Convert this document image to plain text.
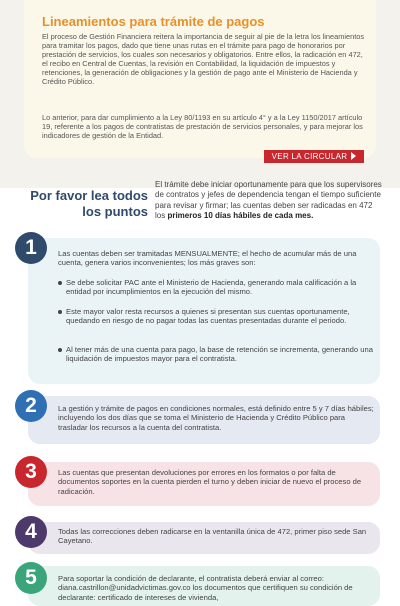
Lineamientos para trámite de pagos

El proceso de Gestión Financiera reitera la importancia de seguir al pie de la letra los lineamientos para tramitar los pagos, dado que tiene unas rutas en el trámite para pago de honorarios por prestación de servicios, los cuales son necesarios y obligatorios. Entre ellos, la radicación en 472, el recibo en Central de Cuentas, la revisión en Contabilidad, la liquidación de impuestos y retenciones, la generación de obligaciones y la gestión de pago ante el Ministerio de Hacienda y Crédito Público.

Lo anterior, para dar cumplimiento a la Ley 80/1193 en su artículo 4° y a la Ley 1150/2017 artículo 19, referente a los pagos de contratistas de prestación de servicios personales, y para mejorar los indicadores de gestión de la Entidad.

VER LA CIRCULAR
Por favor lea todos los puntos

El trámite debe iniciar oportunamente para que los supervisores de contratos y jefes de dependencia tengan el tiempo suficiente para revisar y firmar; las cuentas deben ser radicadas en 472 los primeros 10 días hábiles de cada mes.

1	Las cuentas deben ser tramitadas MENSUALMENTE; el hecho de acumular más de una cuenta, genera varios inconvenientes; los más graves son:

Se debe solicitar PAC ante el Ministerio de Hacienda, generando mala calificación a la entidad por incumplimientos en la ejecución del mismo.

Este mayor valor resta recursos a quienes si presentan sus cuentas oportunamente, quedando en riesgo de no pagar todas las cuentas presentadas durante el periodo.

Al tener más de una cuenta para pago, la base de retención se incrementa, generando una liquidación de impuestos mayor para el contratista.

2	La gestión y trámite de pagos en condiciones normales, está definido entre 5 y 7 días hábiles; incluyendo los dos días que se toma el Ministerio de Hacienda y Crédito Público para trasladar los recursos a la cuenta del contratista.

3	Las cuentas que presentan devoluciones por errores en los formatos o por falta de documentos soportes en la cuenta pierden el turno y deben iniciar de nuevo el proceso de radicación.

4	Todas las correcciones deben radicarse en la ventanilla única de 472, primer piso sede San Cayetano.

5	Para soportar la condición de declarante, el contratista deberá enviar al correo: diana.castrillon@unidadvictimas.gov.co los documentos que certifiquen su condición de declarante: certificado de intereses de vivienda,
